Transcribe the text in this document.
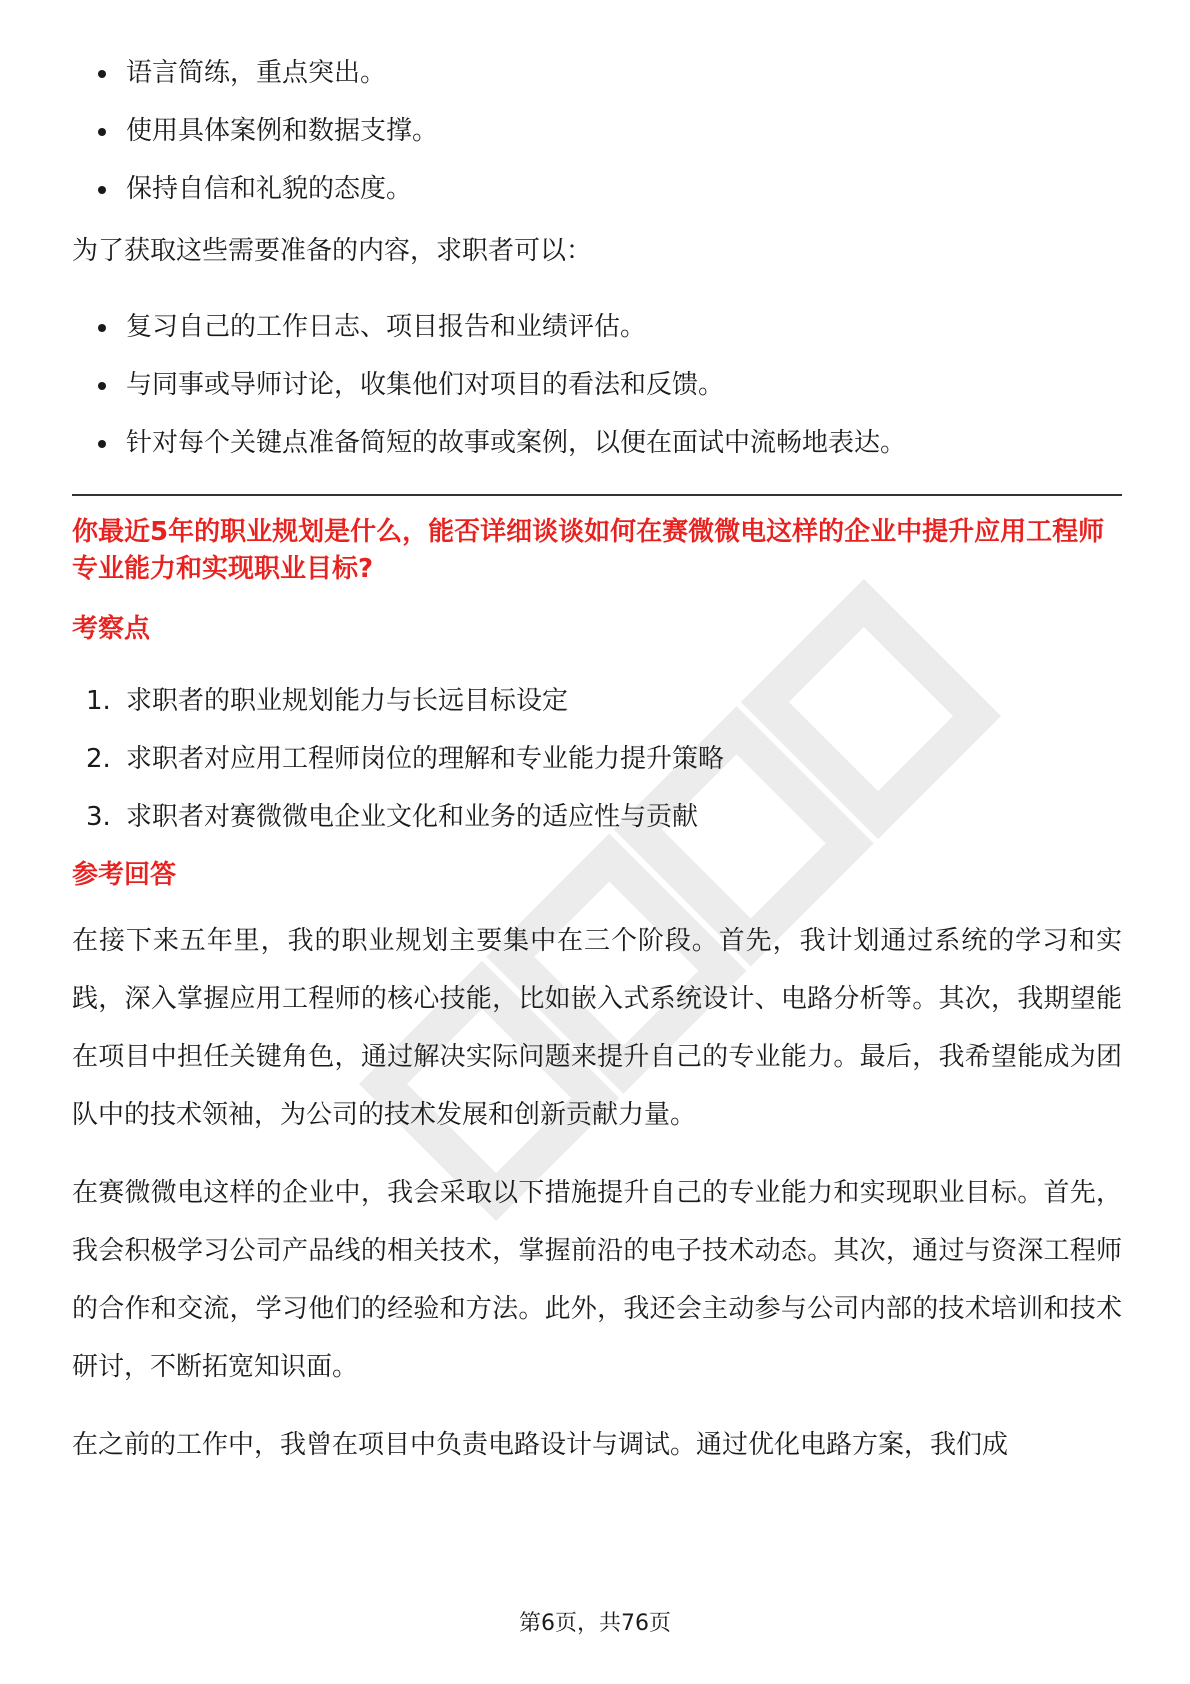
语言简练，重点突出。
使用具体案例和数据支撑。
保持自信和礼貌的态度。

为了获取这些需要准备的内容，求职者可以：

复习自己的工作日志、项目报告和业绩评估。
与同事或导师讨论，收集他们对项目的看法和反馈。
针对每个关键点准备简短的故事或案例，以便在面试中流畅地表达。

你最近5年的职业规划是什么，能否详细谈谈如何在赛微微电这样的企业中提升应用工程师专业能力和实现职业目标?

考察点

1. 求职者的职业规划能力与长远目标设定
2. 求职者对应用工程师岗位的理解和专业能力提升策略
3. 求职者对赛微微电企业文化和业务的适应性与贡献

参考回答

在接下来五年里，我的职业规划主要集中在三个阶段。首先，我计划通过系统的学习和实践，深入掌握应用工程师的核心技能，比如嵌入式系统设计、电路分析等。其次，我期望能在项目中担任关键角色，通过解决实际问题来提升自己的专业能力。最后，我希望能成为团队中的技术领袖，为公司的技术发展和创新贡献力量。

在赛微微电这样的企业中，我会采取以下措施提升自己的专业能力和实现职业目标。首先，我会积极学习公司产品线的相关技术，掌握前沿的电子技术动态。其次，通过与资深工程师的合作和交流，学习他们的经验和方法。此外，我还会主动参与公司内部的技术培训和技术研讨，不断拓宽知识面。

在之前的工作中，我曾在项目中负责电路设计与调试。通过优化电路方案，我们成

第6页，共76页
